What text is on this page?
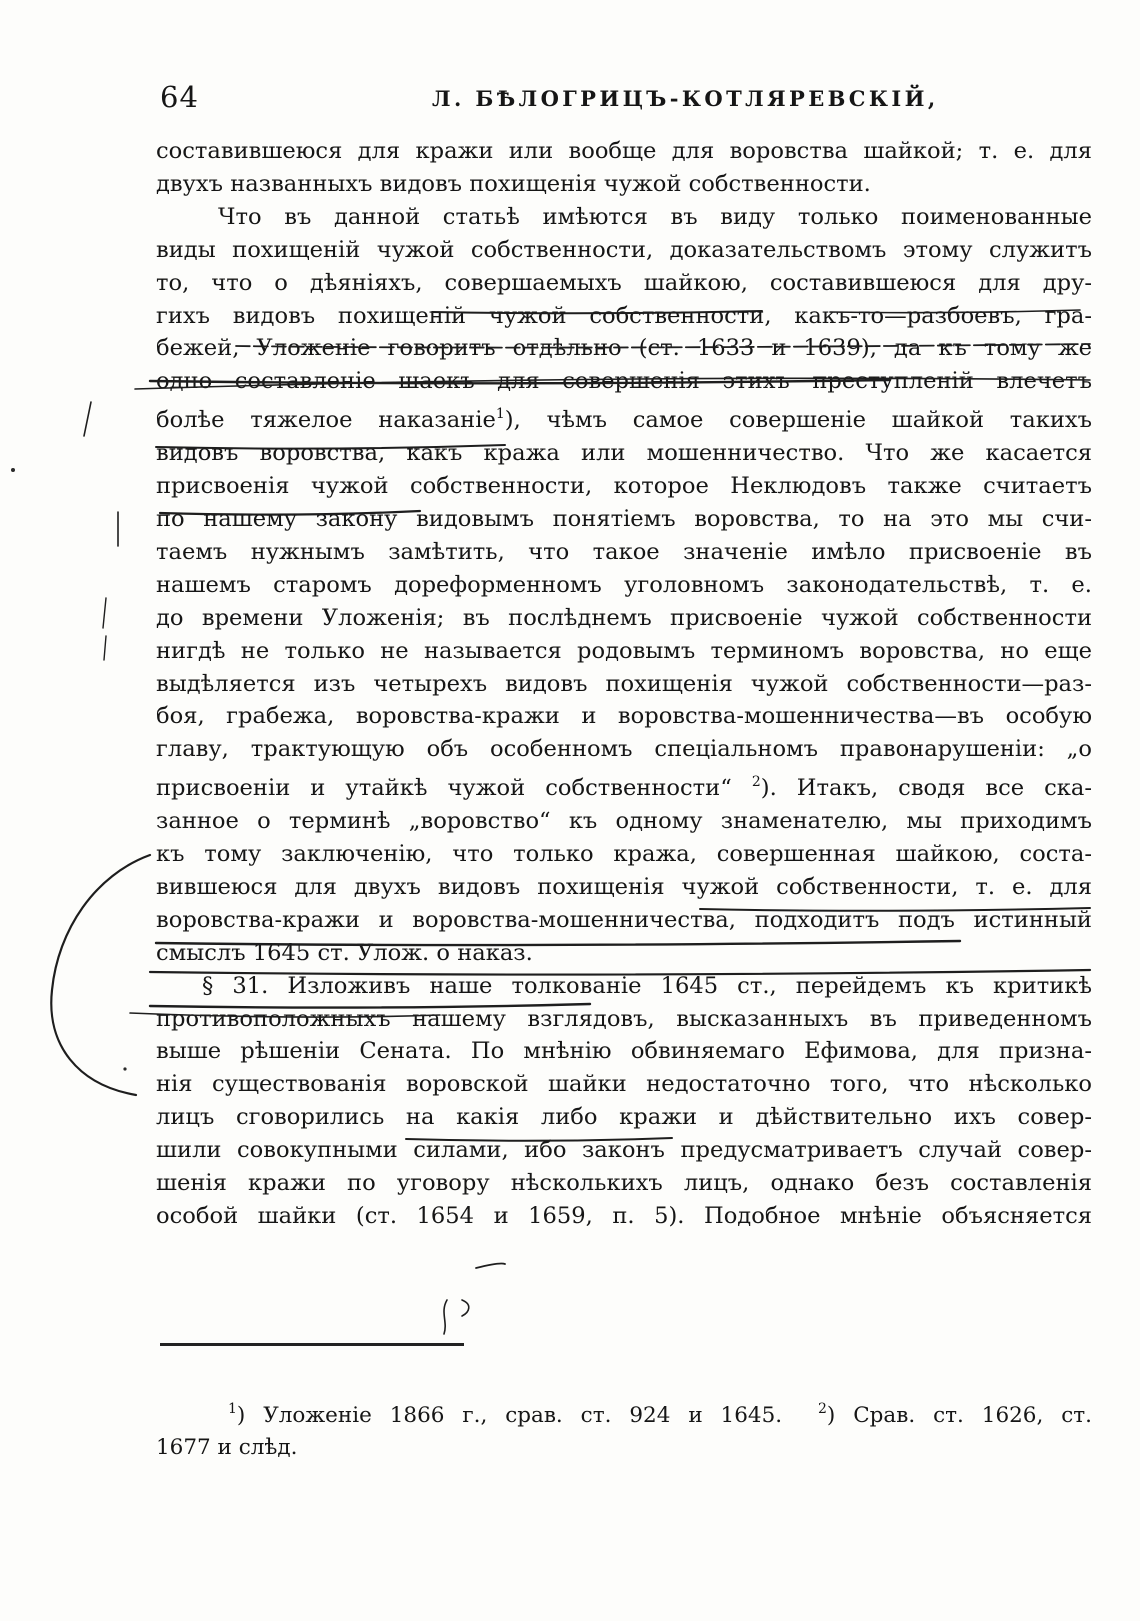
64	Л. БѢЛОГРИЦЪ-КОТЛЯРЕВСКІЙ,
составившеюся для кражи или вообще для воровства шайкой; т. е. для
двухъ названныхъ видовъ похищенія чужой собственности.
Что въ данной статьѣ имѣются въ виду только поименованные
виды похищеній чужой собственности, доказательствомъ этому служитъ
то, что о дѣяніяхъ, совершаемыхъ шайкою, составившеюся для дру-
гихъ видовъ похищеній чужой собственности, какъ-то—разбоевъ, гра-
бежей, Уложеніе говоритъ отдѣльно (ст. 1633 и 1639), да къ тому же
одно составленіе шаекъ для совершенія этихъ преступленій влечетъ
болѣе тяжелое наказаніе$^1$), чѣмъ самое совершеніе шайкой такихъ
видовъ воровства, какъ кража или мошенничество. Что же касается
присвоенія чужой собственности, которое Неклюдовъ также считаетъ
по нашему закону видовымъ понятіемъ воровства, то на это мы счи-
таемъ нужнымъ замѣтить, что такое значеніе имѣло присвоеніе въ
нашемъ старомъ дореформенномъ уголовномъ законодательствѣ, т. е.
до времени Уложенія; въ послѣднемъ присвоеніе чужой собственности
нигдѣ не только не называется родовымъ терминомъ воровства, но еще
выдѣляется изъ четырехъ видовъ похищенія чужой собственности—раз-
боя, грабежа, воровства-кражи и воровства-мошенничества—въ особую
главу, трактующую объ особенномъ спеціальномъ правонарушеніи: „о
присвоеніи и утайкѣ чужой собственности“ $^2$). Итакъ, сводя все ска-
занное о терминѣ „воровство“ къ одному знаменателю, мы приходимъ
къ тому заключенію, что только кража, совершенная шайкою, соста-
вившеюся для двухъ видовъ похищенія чужой собственности, т. е. для
воровства-кражи и воровства-мошенничества, подходитъ подъ истинный
смыслъ 1645 ст. Улож. о наказ.
§ 31. Изложивъ наше толкованіе 1645 ст., перейдемъ къ критикѣ
противоположныхъ нашему взглядовъ, высказанныхъ въ приведенномъ
выше рѣшеніи Сената. По мнѣнію обвиняемаго Ефимова, для призна-
нія существованія воровской шайки недостаточно того, что нѣсколько
лицъ сговорились на какія либо кражи и дѣйствительно ихъ совер-
шили совокупными силами, ибо законъ предусматриваетъ случай совер-
шенія кражи по уговору нѣсколькихъ лицъ, однако безъ составленія
особой шайки (ст. 1654 и 1659, п. 5). Подобное мнѣніе объясняется
$^1$) Уложеніе 1866 г., срав. ст. 924 и 1645.	$^2$) Срав. ст. 1626, ст.
1677 и слѣд.
